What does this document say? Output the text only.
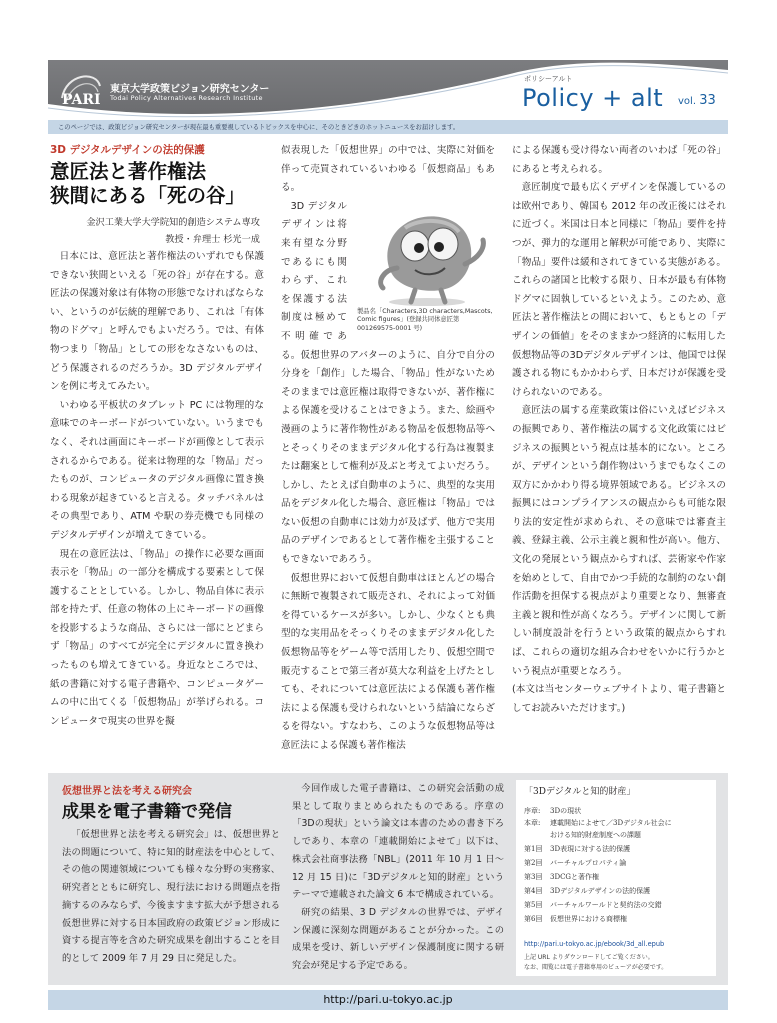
PARI
東京大学政策ビジョン研究センター
Todai Policy Alternatives Research Institute
ポリシーアルト
Policy + alt vol. 33
このページでは、政策ビジョン研究センターが現在最も重要視しているトピックスを中心に、そのときどきのホットニュースをお届けします。
3D デジタルデザインの法的保護
意匠法と著作権法
狭間にある「死の谷」
金沢工業大学大学院知的創造システム専攻
教授・弁理士 杉光一成

日本には、意匠法と著作権法のいずれでも保護できない狭間といえる「死の谷」が存在する。意匠法の保護対象は有体物の形態でなければならない、というのが伝統的理解であり、これは「有体物のドグマ」と呼んでもよいだろう。では、有体物つまり「物品」としての形をなさないものは、どう保護されるのだろうか。3D デジタルデザインを例に考えてみたい。

いわゆる平板状のタブレット PC には物理的な意味でのキーボードがついていない。いうまでもなく、それは画面にキーボードが画像として表示されるからである。従来は物理的な「物品」だったものが、コンピュータのデジタル画像に置き換わる現象が起きていると言える。タッチパネルはその典型であり、ATM や駅の券売機でも同様のデジタルデザインが増えてきている。

現在の意匠法は、「物品」の操作に必要な画面表示を「物品」の一部分を構成する要素として保護することとしている。しかし、物品自体に表示部を持たず、任意の物体の上にキーボードの画像を投影するような商品、さらには一部にとどまらず「物品」のすべてが完全にデジタルに置き換わったものも増えてきている。身近なところでは、紙の書籍に対する電子書籍や、コンピュータゲームの中に出てくる「仮想物品」が挙げられる。コンピュータで現実の世界を擬

似表現した「仮想世界」の中では、実際に対価を伴って売買されているいわゆる「仮想商品」もある。

製品名「Characters,3D characters,Mascots, Comic figures」(登録共同体意匠第001269575-0001 号)

3D デジタルデザインは将来有望な分野であるにも関わらず、これを保護する法制度は極めて不明確である。仮想世界のアバターのように、自分で自分の分身を「創作」した場合、「物品」性がないためそのままでは意匠権は取得できないが、著作権による保護を受けることはできよう。また、絵画や漫画のように著作物性がある物品を仮想物品等へとそっくりそのままデジタル化する行為は複製または翻案として権利が及ぶと考えてよいだろう。しかし、たとえば自動車のように、典型的な実用品をデジタル化した場合、意匠権は「物品」ではない仮想の自動車には効力が及ばず、他方で実用品のデザインであるとして著作権を主張することもできないであろう。

仮想世界において仮想自動車はほとんどの場合に無断で複製されて販売され、それによって対価を得ているケースが多い。しかし、少なくとも典型的な実用品をそっくりそのままデジタル化した仮想物品等をゲーム等で活用したり、仮想空間で販売することで第三者が莫大な利益を上げたとしても、それについては意匠法による保護も著作権法による保護も受けられないという結論にならざるを得ない。すなわち、このような仮想物品等は意匠法による保護も著作権法

による保護も受け得ない両者のいわば「死の谷」にあると考えられる。

意匠制度で最も広くデザインを保護しているのは欧州であり、韓国も 2012 年の改正後にはそれに近づく。米国は日本と同様に「物品」要件を持つが、弾力的な運用と解釈が可能であり、実際に「物品」要件は緩和されてきている実態がある。これらの諸国と比較する限り、日本が最も有体物ドグマに固執しているといえよう。このため、意匠法と著作権法との間において、もともとの「デザインの価値」をそのままかつ経済的に転用した仮想物品等の3Dデジタルデザインは、他国では保護される物にもかかわらず、日本だけが保護を受けられないのである。

意匠法の属する産業政策は俗にいえばビジネスの振興であり、著作権法の属する文化政策にはビジネスの振興という視点は基本的にない。ところが、デザインという創作物はいうまでもなくこの双方にかかわり得る境界領域である。ビジネスの振興にはコンプライアンスの観点からも可能な限り法的安定性が求められ、その意味では審査主義、登録主義、公示主義と親和性が高い。他方、文化の発展という観点からすれば、芸術家や作家を始めとして、自由でかつ手続的な制約のない創作活動を担保する視点がより重要となり、無審査主義と親和性が高くなろう。デザインに関して新しい制度設計を行うという政策的観点からすれば、これらの適切な組み合わせをいかに行うかという視点が重要となろう。

(本文は当センターウェブサイトより、電子書籍としてお読みいただけます。)

仮想世界と法を考える研究会
成果を電子書籍で発信

「仮想世界と法を考える研究会」は、仮想世界と法の問題について、特に知的財産法を中心として、その他の関連領域についても様々な分野の実務家、研究者とともに研究し、現行法における問題点を指摘するのみならず、今後ますます拡大が予想される仮想世界に対する日本国政府の政策ビジョン形成に資する提言等を含めた研究成果を創出することを目的として 2009 年 7 月 29 日に発足した。

今回作成した電子書籍は、この研究会活動の成果として取りまとめられたものである。序章の「3Dの現状」という論文は本書のための書き下ろしであり、本章の「連載開始によせて」以下は、株式会社商事法務「NBL」(2011 年 10 月 1 日～ 12 月 15 日)に「3Dデジタルと知的財産」というテーマで連載された論文 6 本で構成されている。

研究の結果、3 D デジタルの世界では、デザイン保護に深刻な問題があることが分かった。この成果を受け、新しいデザイン保護制度に関する研究会が発足する予定である。

「3Dデジタルと知的財産」
序章: 3Dの現状
本章: 連載開始によせて／3Dデジタル社会に
おける知的財産制度への課題
第1回 3D表現に対する法的保護
第2回 バーチャルプロパティ論
第3回 3DCGと著作権
第4回 3Dデジタルデザインの法的保護
第5回 バーチャルワールドと契約法の交錯
第6回 仮想世界における商標権
http://pari.u-tokyo.ac.jp/ebook/3d_all.epub
上記 URL よりダウンロードしてご覧ください。
なお、閲覧には電子書籍専用のビューアが必要です。
http://pari.u-tokyo.ac.jp
